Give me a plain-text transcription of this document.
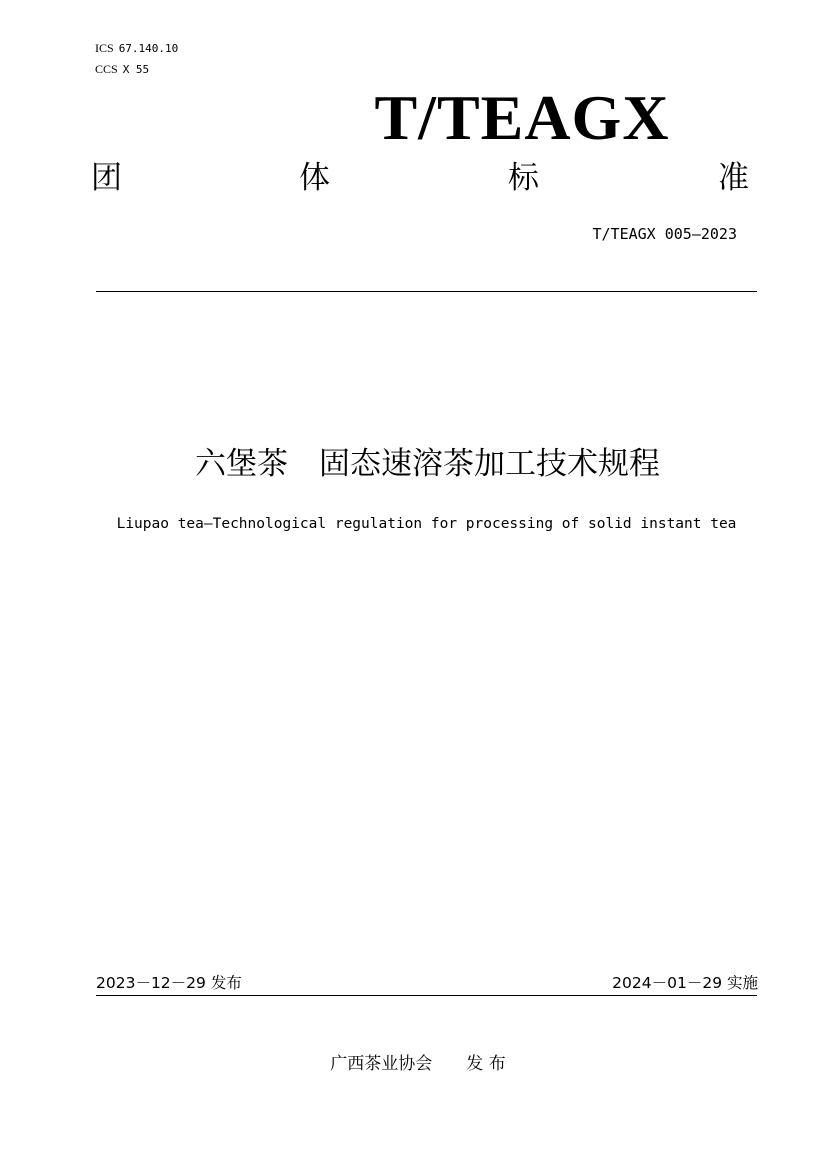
ICS 67.140.10
CCS X 55
T/TEAGX
团	体	标	准
T/TEAGX 005—2023
六堡茶　固态速溶茶加工技术规程
Liupao tea—Technological regulation for processing of solid instant tea
2023－12－29 发布	2024－01－29 实施
广西茶业协会　　发 布
